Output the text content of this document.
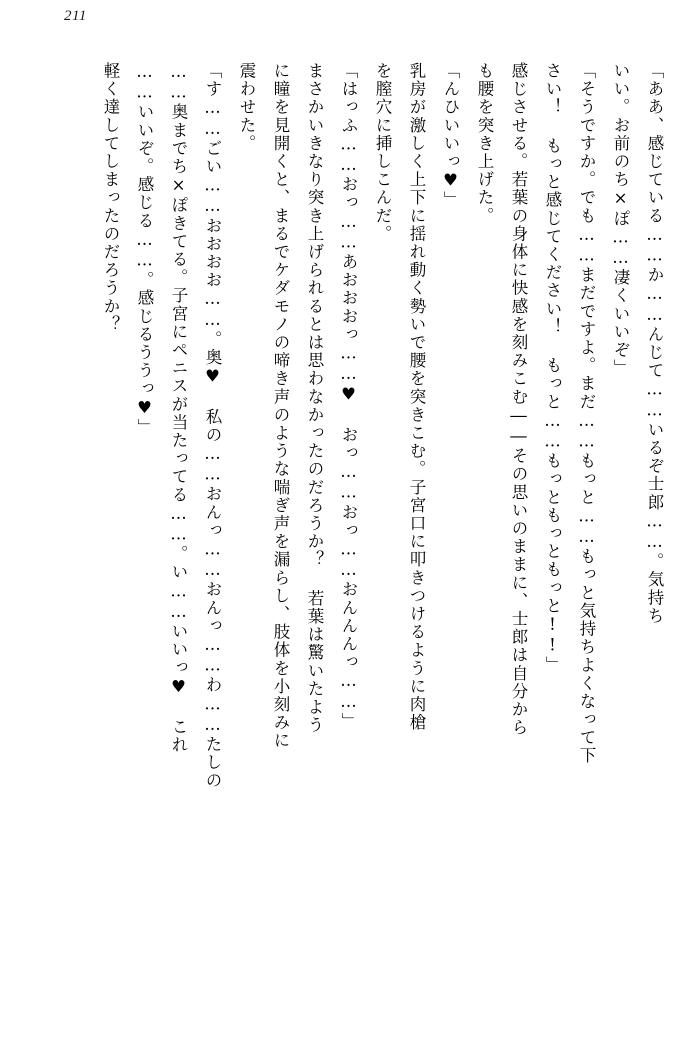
211

「ああ、感じている……か……んじて……いるぞ士郎……。気持ち
いい。お前のち×ぽ……凄くいいぞ」
「そうですか。でも……まだですよ。まだ……もっと……もっと気持ちよくなって下
さい！ もっと感じてください！ もっと……もっともっともっと!!」
感じさせる。若葉の身体に快感を刻みこむ――その思いのままに、士郎は自分から
も腰を突き上げた。
「んひいいっ♥」
乳房が激しく上下に揺れ動く勢いで腰を突きこむ。子宮口に叩きつけるように肉槍
を膣穴に挿しこんだ。
「はっふ……おっ……あおおおっ……♥ おっ……おっ……おんんんっ……」
まさかいきなり突き上げられるとは思わなかったのだろうか？ 若葉は驚いたよう
に瞳を見開くと、まるでケダモノの啼き声のような喘ぎ声を漏らし、肢体を小刻みに
震わせた。
「す……ごい……おおおお……。奥♥ 私の……おんっ……おんっ……わ……たしの
……奥までち×ぽきてる。子宮にペニスが当たってる……。い……いいっ♥ これ
……いいぞ。感じる……。感じるううっ♥」
軽く達してしまったのだろうか？
